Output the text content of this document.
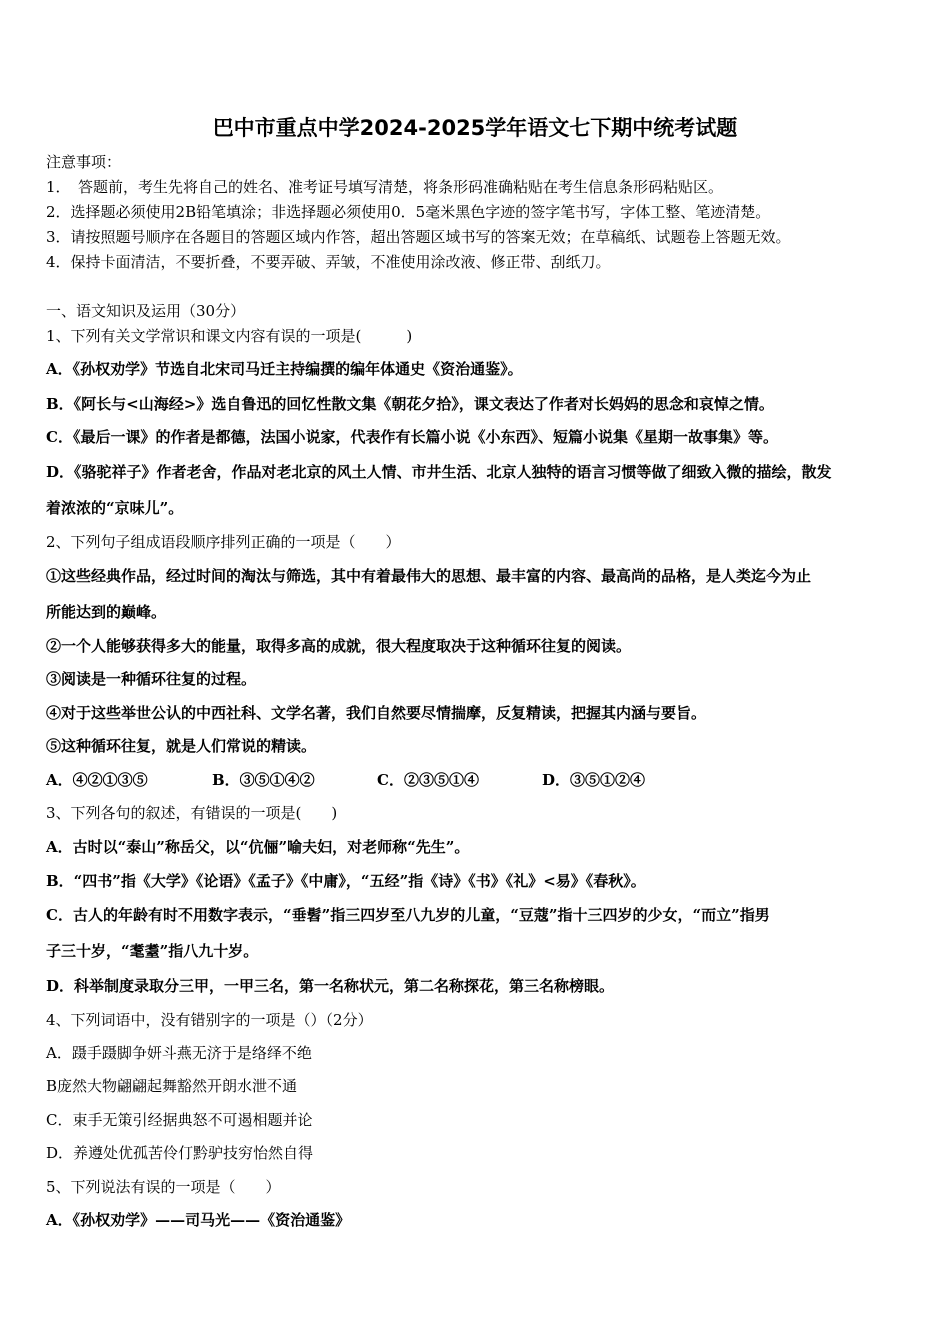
巴中市重点中学2024-2025学年语文七下期中统考试题
注意事项：
1．　答题前，考生先将自己的姓名、准考证号填写清楚，将条形码准确粘贴在考生信息条形码粘贴区。
2．选择题必须使用2B铅笔填涂；非选择题必须使用0．5毫米黑色字迹的签字笔书写，字体工整、笔迹清楚。
3．请按照题号顺序在各题目的答题区域内作答，超出答题区域书写的答案无效；在草稿纸、试题卷上答题无效。
4．保持卡面清洁，不要折叠，不要弄破、弄皱，不准使用涂改液、修正带、刮纸刀。
一、语文知识及运用（30分）
1、下列有关文学常识和课文内容有误的一项是(　　　)
A．《孙权劝学》节选自北宋司马迁主持编撰的编年体通史《资治通鉴》。
B．《阿长与<山海经>》选自鲁迅的回忆性散文集《朝花夕拾》，课文表达了作者对长妈妈的思念和哀悼之情。
C．《最后一课》的作者是都德，法国小说家，代表作有长篇小说《小东西》、短篇小说集《星期一故事集》等。
D．《骆驼祥子》作者老舍，作品对老北京的风土人情、市井生活、北京人独特的语言习惯等做了细致入微的描绘，散发
着浓浓的“京味儿”。
2、下列句子组成语段顺序排列正确的一项是（　　）
①这些经典作品，经过时间的淘汰与筛选，其中有着最伟大的思想、最丰富的内容、最高尚的品格，是人类迄今为止
所能达到的巅峰。
②一个人能够获得多大的能量，取得多高的成就，很大程度取决于这种循环往复的阅读。
③阅读是一种循环往复的过程。
④对于这些举世公认的中西社科、文学名著，我们自然要尽情揣摩，反复精读，把握其内涵与要旨。
⑤这种循环往复，就是人们常说的精读。
A．④②①③⑤	B．③⑤①④②	C．②③⑤①④	D．③⑤①②④
3、下列各句的叙述，有错误的一项是(　　)
A．古时以“泰山”称岳父，以“伉俪”喻夫妇，对老师称“先生”。
B．“四书”指《大学》《论语》《孟子》《中庸》，“五经”指《诗》《书》《礼》<易》《春秋》。
C．古人的年龄有时不用数字表示，“垂髫”指三四岁至八九岁的儿童，“豆蔻”指十三四岁的少女，“而立”指男
子三十岁，“耄耋”指八九十岁。
D．科举制度录取分三甲，一甲三名，第一名称状元，第二名称探花，第三名称榜眼。
4、下列词语中，没有错别字的一项是（）（2分）
A．蹑手蹑脚争妍斗燕无济于是络绎不绝
B庞然大物翩翩起舞豁然开朗水泄不通
C．束手无策引经据典怒不可遏相题并论
D．养遵处优孤苦伶仃黔驴技穷怡然自得
5、下列说法有误的一项是（　　）
A．《孙权劝学》——司马光——《资治通鉴》
